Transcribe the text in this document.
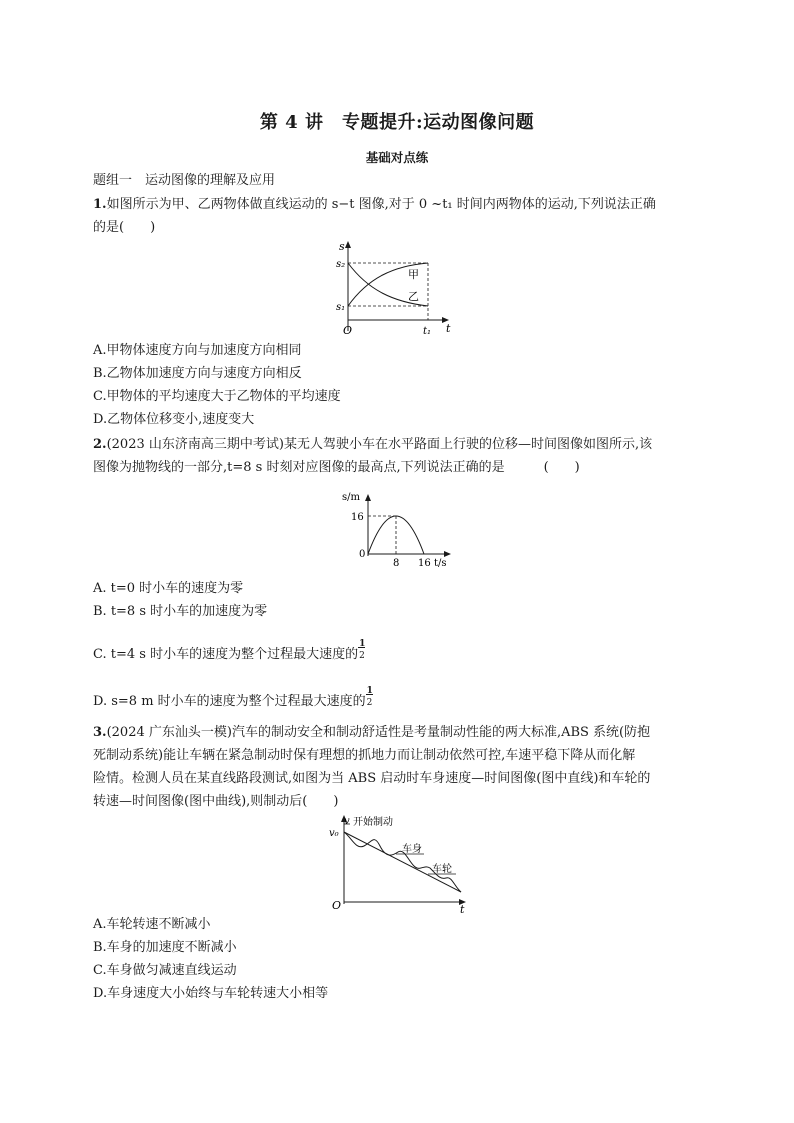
第 4 讲　专题提升:运动图像问题
基础对点练
题组一　运动图像的理解及应用
1.如图所示为甲、乙两物体做直线运动的 s−t 图像,对于 0 ~t₁ 时间内两物体的运动,下列说法正确
的是(　　)
s
s₂
s₁
O	t₁ t
甲
乙
A.甲物体速度方向与加速度方向相同
B.乙物体加速度方向与速度方向相反
C.甲物体的平均速度大于乙物体的平均速度
D.乙物体位移变小,速度变大
2.(2023 山东济南高三期中考试)某无人驾驶小车在水平路面上行驶的位移—时间图像如图所示,该
图像为抛物线的一部分,t=8 s 时刻对应图像的最高点,下列说法正确的是　　　(　　)
s/m
16
0
8 16 t/s
A. t=0 时小车的速度为零
B. t=8 s 时小车的加速度为零
C. t=4 s 时小车的速度为整个过程最大速度的
1
2
D. s=8 m 时小车的速度为整个过程最大速度的
1
2
3.(2024 广东汕头一模)汽车的制动安全和制动舒适性是考量制动性能的两大标准,ABS 系统(防抱
死制动系统)能让车辆在紧急制动时保有理想的抓地力而让制动依然可控,车速平稳下降从而化解
险情。检测人员在某直线路段测试,如图为当 ABS 启动时车身速度—时间图像(图中直线)和车轮的
转速—时间图像(图中曲线),则制动后(　　)
v
v₀
开始制动
车身
车轮
O	t
A.车轮转速不断减小
B.车身的加速度不断减小
C.车身做匀减速直线运动
D.车身速度大小始终与车轮转速大小相等
